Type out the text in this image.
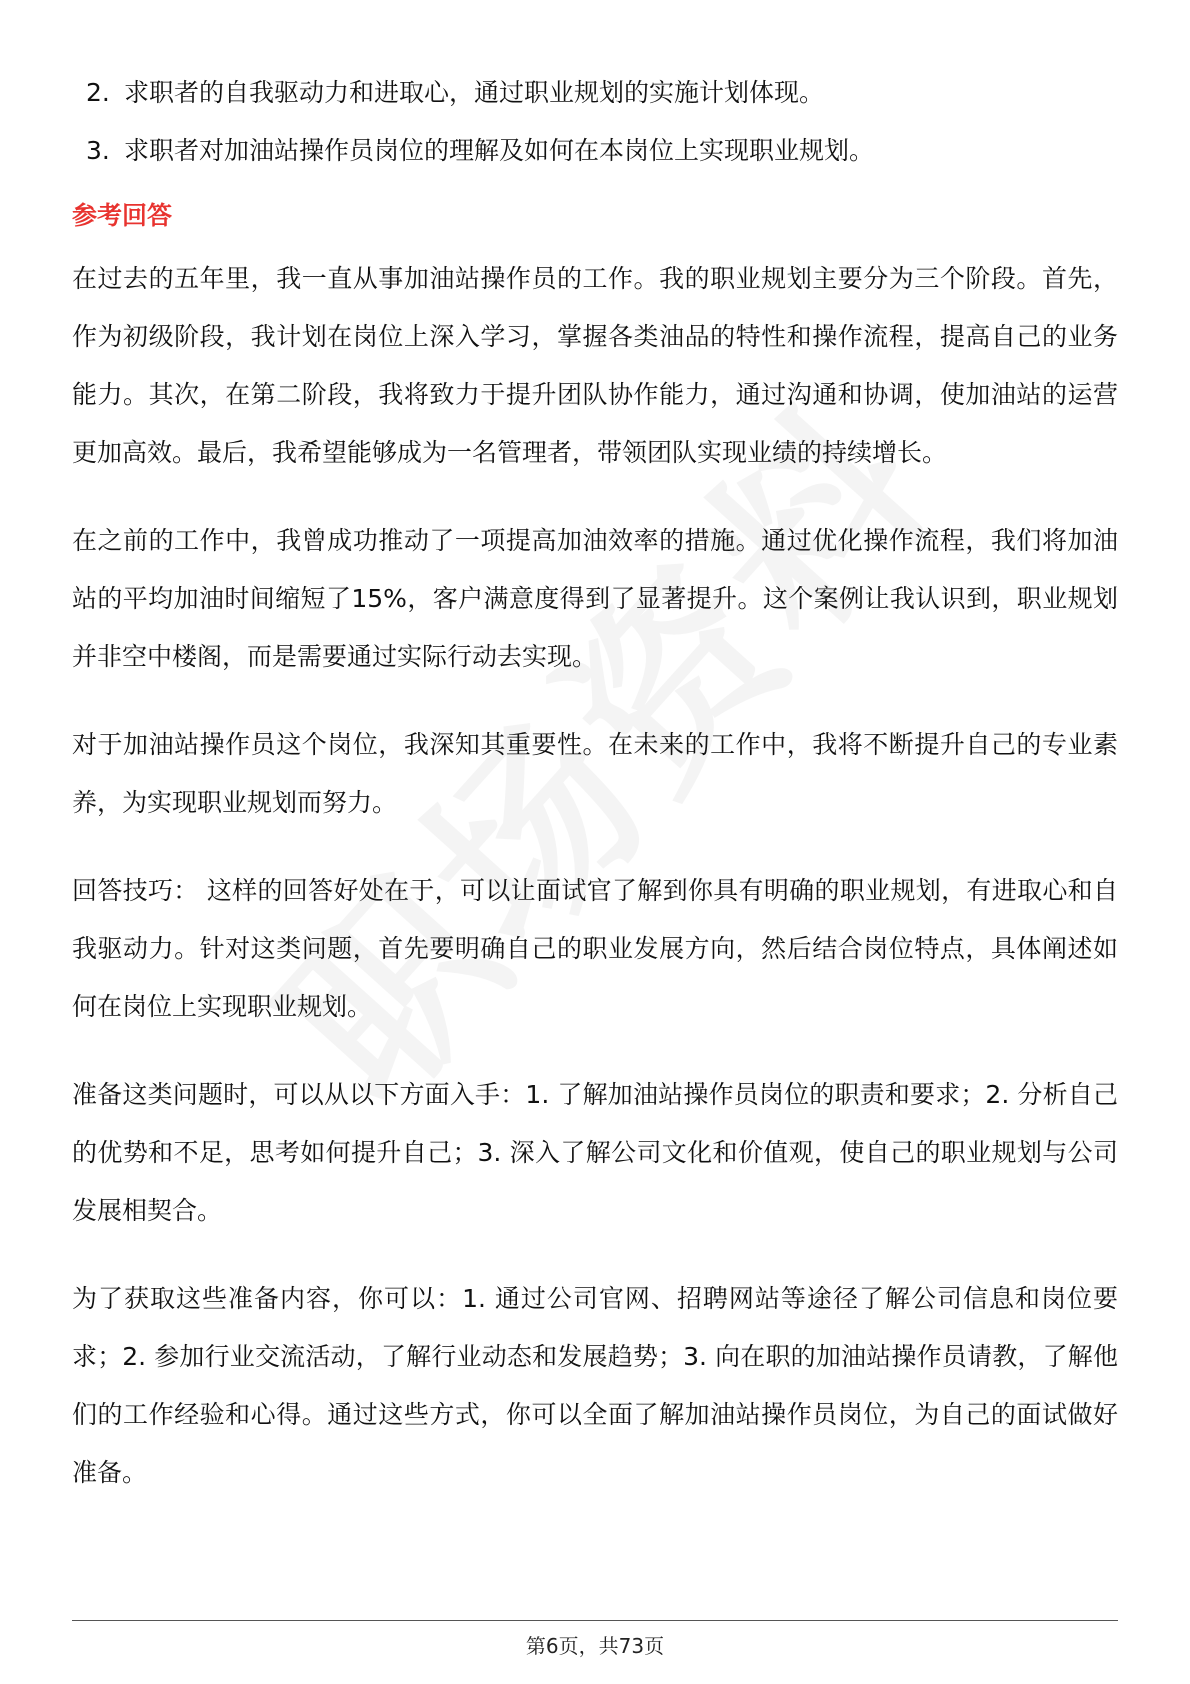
2. 求职者的自我驱动力和进取心，通过职业规划的实施计划体现。
3. 求职者对加油站操作员岗位的理解及如何在本岗位上实现职业规划。
参考回答

在过去的五年里，我一直从事加油站操作员的工作。我的职业规划主要分为三个阶段。首先，作为初级阶段，我计划在岗位上深入学习，掌握各类油品的特性和操作流程，提高自己的业务能力。其次，在第二阶段，我将致力于提升团队协作能力，通过沟通和协调，使加油站的运营更加高效。最后，我希望能够成为一名管理者，带领团队实现业绩的持续增长。

在之前的工作中，我曾成功推动了一项提高加油效率的措施。通过优化操作流程，我们将加油站的平均加油时间缩短了15%，客户满意度得到了显著提升。这个案例让我认识到，职业规划并非空中楼阁，而是需要通过实际行动去实现。

对于加油站操作员这个岗位，我深知其重要性。在未来的工作中，我将不断提升自己的专业素养，为实现职业规划而努力。

回答技巧： 这样的回答好处在于，可以让面试官了解到你具有明确的职业规划，有进取心和自我驱动力。针对这类问题，首先要明确自己的职业发展方向，然后结合岗位特点，具体阐述如何在岗位上实现职业规划。

准备这类问题时，可以从以下方面入手：1. 了解加油站操作员岗位的职责和要求；2. 分析自己的优势和不足，思考如何提升自己；3. 深入了解公司文化和价值观，使自己的职业规划与公司发展相契合。

为了获取这些准备内容，你可以：1. 通过公司官网、招聘网站等途径了解公司信息和岗位要求；2. 参加行业交流活动，了解行业动态和发展趋势；3. 向在职的加油站操作员请教，了解他们的工作经验和心得。通过这些方式，你可以全面了解加油站操作员岗位，为自己的面试做好准备。

第6页，共73页
